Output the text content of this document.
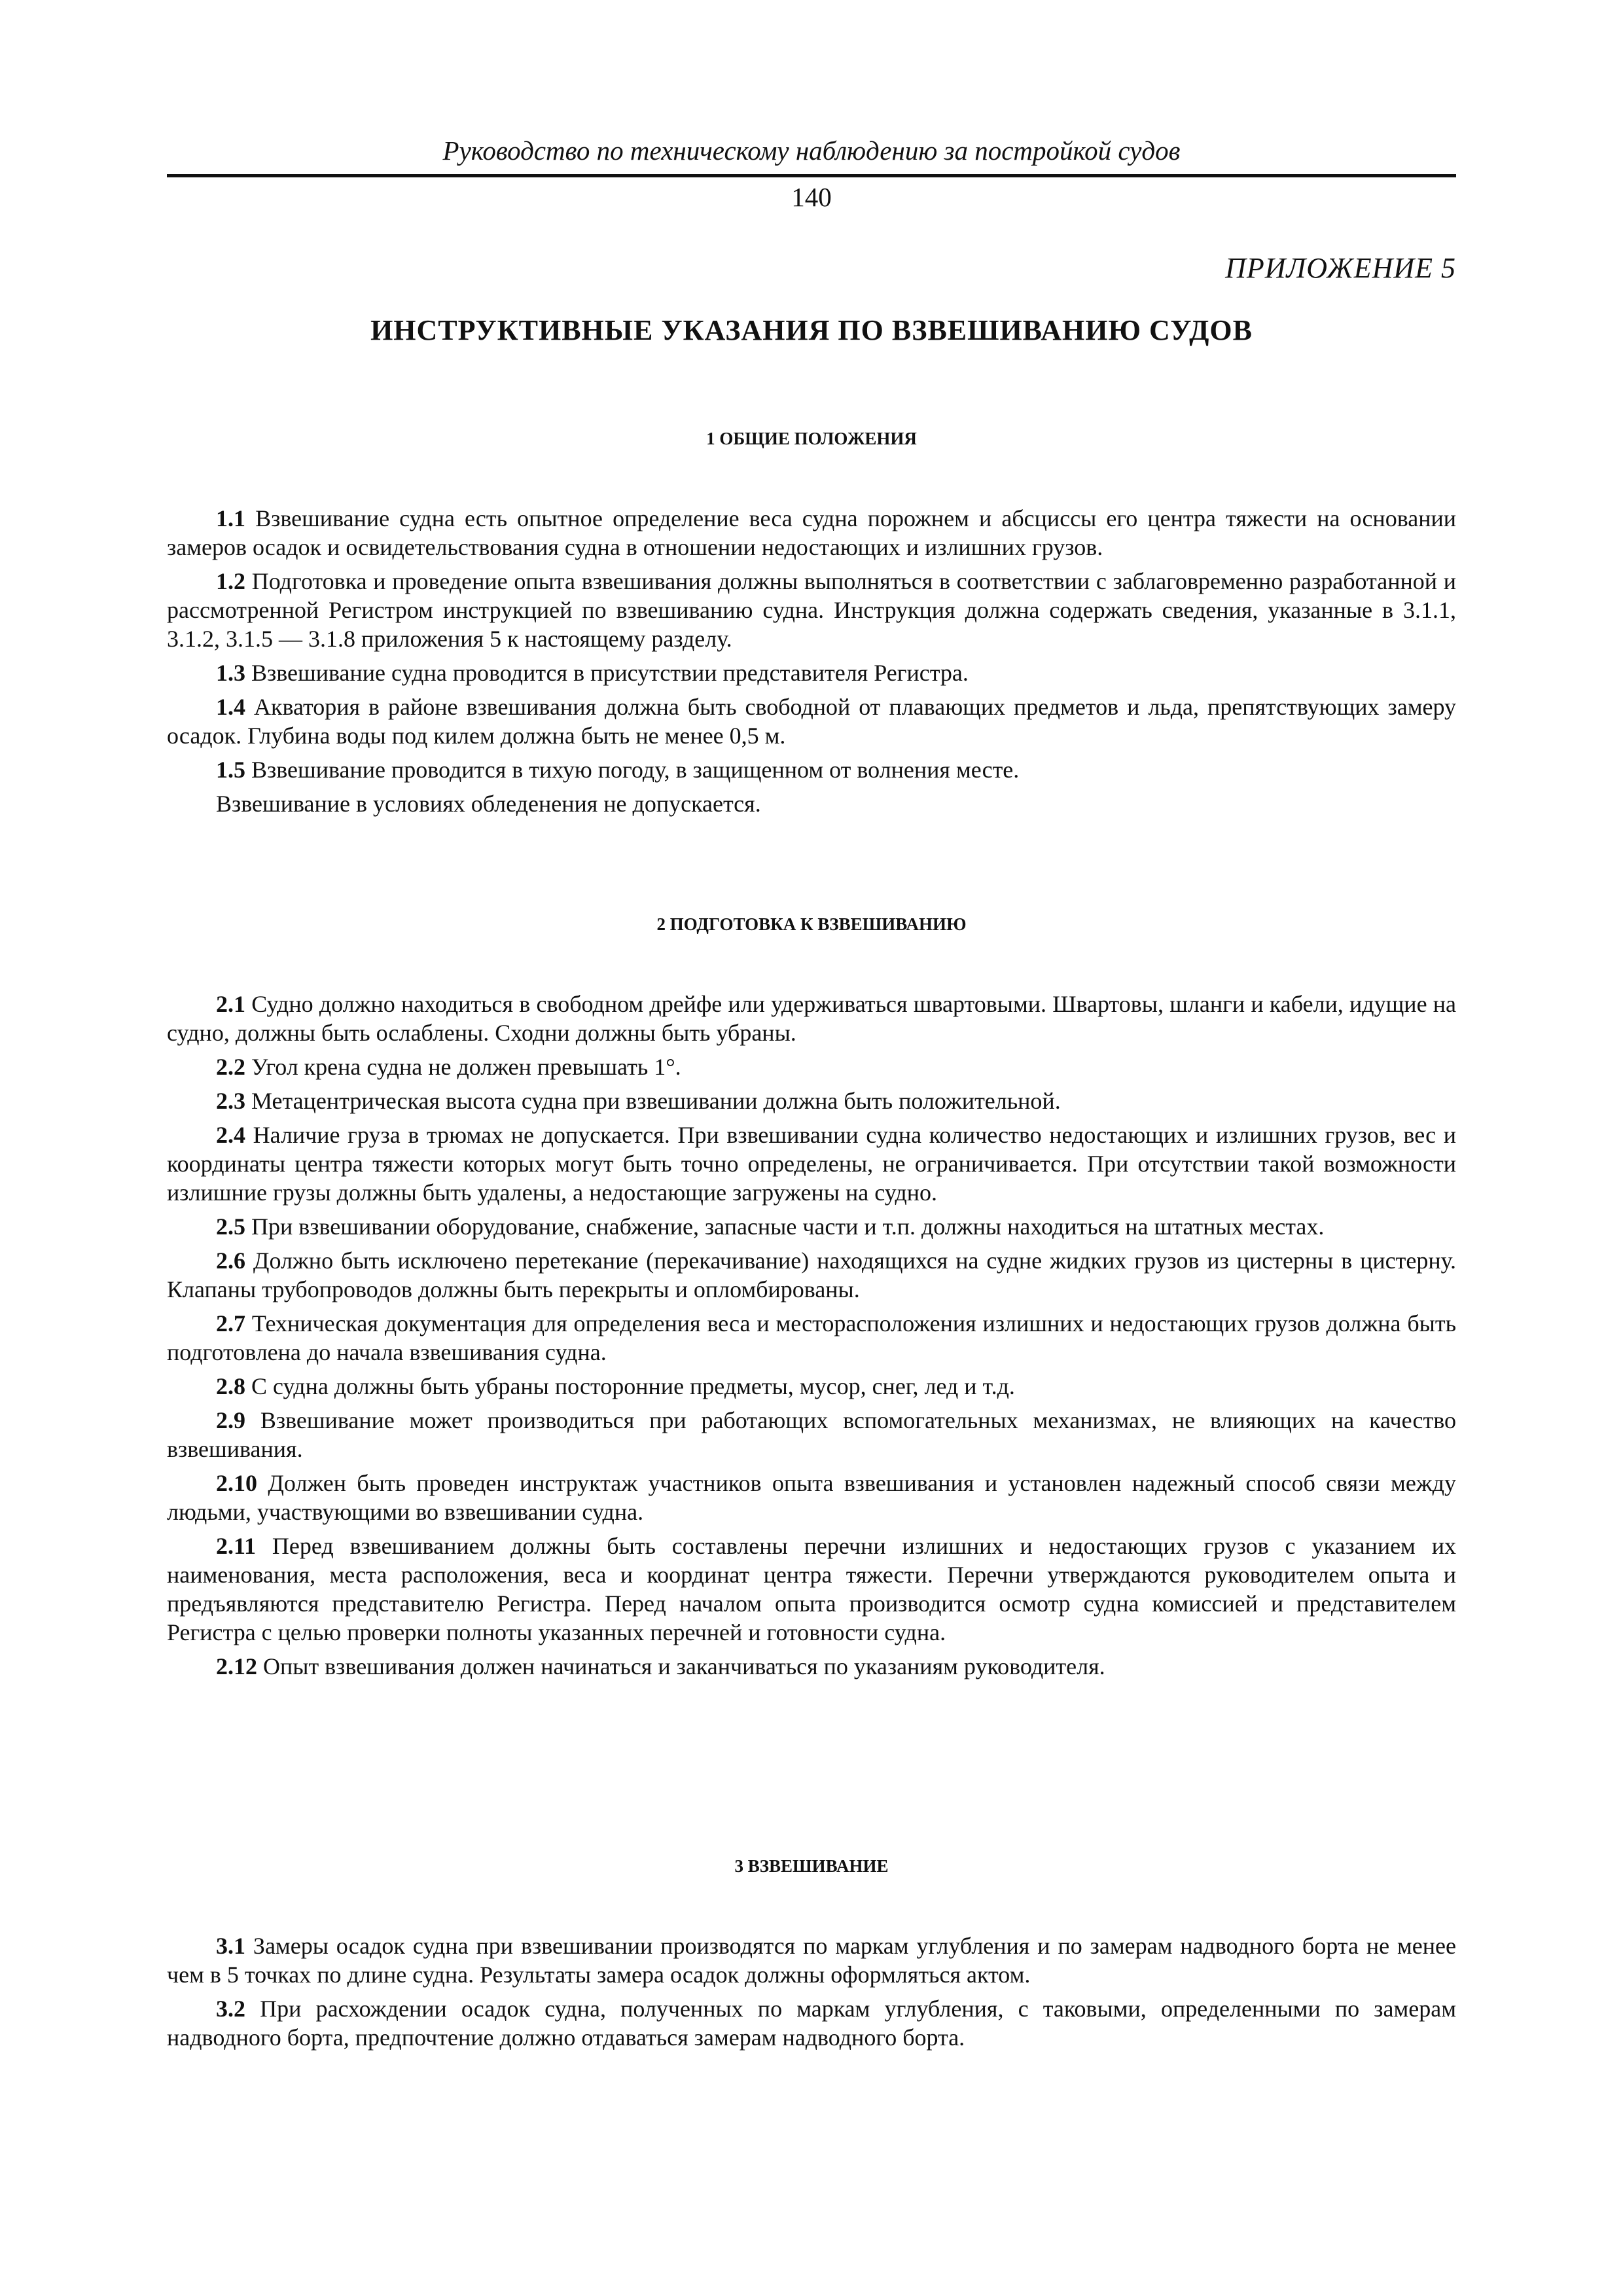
Руководство по техническому наблюдению за постройкой судов
140
ПРИЛОЖЕНИЕ 5
ИНСТРУКТИВНЫЕ УКАЗАНИЯ ПО ВЗВЕШИВАНИЮ СУДОВ
1 ОБЩИЕ ПОЛОЖЕНИЯ

1.1 Взвешивание судна есть опытное определение веса судна порожнем и абсциссы его центра тяжести на основании замеров осадок и освидетельствования судна в отношении недостающих и излишних грузов.

1.2 Подготовка и проведение опыта взвешивания должны выполняться в соответствии с заблаговременно разработанной и рассмотренной Регистром инструкцией по взвешиванию судна. Инструкция должна содержать сведения, указанные в 3.1.1, 3.1.2, 3.1.5 — 3.1.8 приложения 5 к настоящему разделу.

1.3 Взвешивание судна проводится в присутствии представителя Регистра.

1.4 Акватория в районе взвешивания должна быть свободной от плавающих предметов и льда, препятствующих замеру осадок. Глубина воды под килем должна быть не менее 0,5 м.

1.5 Взвешивание проводится в тихую погоду, в защищенном от волнения месте.

Взвешивание в условиях обледенения не допускается.

2 ПОДГОТОВКА К ВЗВЕШИВАНИЮ

2.1 Судно должно находиться в свободном дрейфе или удерживаться швартовыми. Швартовы, шланги и кабели, идущие на судно, должны быть ослаблены. Сходни должны быть убраны.

2.2 Угол крена судна не должен превышать 1°.

2.3 Метацентрическая высота судна при взвешивании должна быть положительной.

2.4 Наличие груза в трюмах не допускается. При взвешивании судна количество недостающих и излишних грузов, вес и координаты центра тяжести которых могут быть точно определены, не ограничивается. При отсутствии такой возможности излишние грузы должны быть удалены, а недостающие загружены на судно.

2.5 При взвешивании оборудование, снабжение, запасные части и т.п. должны находиться на штатных местах.

2.6 Должно быть исключено перетекание (перекачивание) находящихся на судне жидких грузов из цистерны в цистерну. Клапаны трубопроводов должны быть перекрыты и опломбированы.

2.7 Техническая документация для определения веса и месторасположения излишних и недостающих грузов должна быть подготовлена до начала взвешивания судна.

2.8 С судна должны быть убраны посторонние предметы, мусор, снег, лед и т.д.

2.9 Взвешивание может производиться при работающих вспомогательных механизмах, не влияющих на качество взвешивания.

2.10 Должен быть проведен инструктаж участников опыта взвешивания и установлен надежный способ связи между людьми, участвующими во взвешивании судна.

2.11 Перед взвешиванием должны быть составлены перечни излишних и недостающих грузов с указанием их наименования, места расположения, веса и координат центра тяжести. Перечни утверждаются руководителем опыта и предъявляются представителю Регистра. Перед началом опыта производится осмотр судна комиссией и представителем Регистра с целью проверки полноты указанных перечней и готовности судна.

2.12 Опыт взвешивания должен начинаться и заканчиваться по указаниям руководителя.

3 ВЗВЕШИВАНИЕ

3.1 Замеры осадок судна при взвешивании производятся по маркам углубления и по замерам надводного борта не менее чем в 5 точках по длине судна. Результаты замера осадок должны оформляться актом.

3.2 При расхождении осадок судна, полученных по маркам углубления, с таковыми, определенными по замерам надводного борта, предпочтение должно отдаваться замерам надводного борта.
